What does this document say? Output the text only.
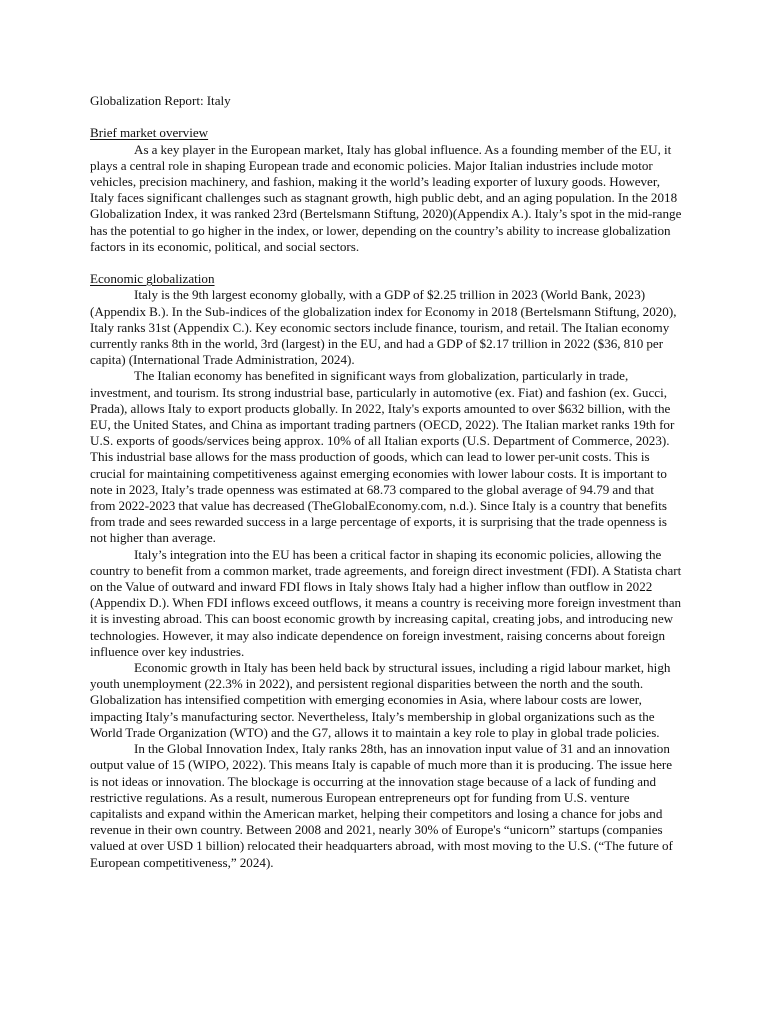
Globalization Report: Italy
Brief market overview

As a key player in the European market, Italy has global influence. As a founding member of the EU, it plays a central role in shaping European trade and economic policies. Major Italian industries include motor vehicles, precision machinery, and fashion, making it the world’s leading exporter of luxury goods. However, Italy faces significant challenges such as stagnant growth, high public debt, and an aging population. In the 2018 Globalization Index, it was ranked 23rd (Bertelsmann Stiftung, 2020)(Appendix A.). Italy’s spot in the mid-range has the potential to go higher in the index, or lower, depending on the country’s ability to increase globalization factors in its economic, political, and social sectors.

Economic globalization

Italy is the 9th largest economy globally, with a GDP of $2.25 trillion in 2023 (World Bank, 2023)(Appendix B.). In the Sub-indices of the globalization index for Economy in 2018 (Bertelsmann Stiftung, 2020), Italy ranks 31st (Appendix C.). Key economic sectors include finance, tourism, and retail. The Italian economy currently ranks 8th in the world, 3rd (largest) in the EU, and had a GDP of $2.17 trillion in 2022 ($36, 810 per capita) (International Trade Administration, 2024).

The Italian economy has benefited in significant ways from globalization, particularly in trade, investment, and tourism. Its strong industrial base, particularly in automotive (ex. Fiat) and fashion (ex. Gucci, Prada), allows Italy to export products globally. In 2022, Italy's exports amounted to over $632 billion, with the EU, the United States, and China as important trading partners (OECD, 2022). The Italian market ranks 19th for U.S. exports of goods/services being approx. 10% of all Italian exports (U.S. Department of Commerce, 2023). This industrial base allows for the mass production of goods, which can lead to lower per-unit costs. This is crucial for maintaining competitiveness against emerging economies with lower labour costs. It is important to note in 2023, Italy’s trade openness was estimated at 68.73 compared to the global average of 94.79 and that from 2022-2023 that value has decreased (TheGlobalEconomy.com, n.d.). Since Italy is a country that benefits from trade and sees rewarded success in a large percentage of exports, it is surprising that the trade openness is not higher than average.

Italy’s integration into the EU has been a critical factor in shaping its economic policies, allowing the country to benefit from a common market, trade agreements, and foreign direct investment (FDI). A Statista chart on the Value of outward and inward FDI flows in Italy shows Italy had a higher inflow than outflow in 2022 (Appendix D.). When FDI inflows exceed outflows, it means a country is receiving more foreign investment than it is investing abroad. This can boost economic growth by increasing capital, creating jobs, and introducing new technologies. However, it may also indicate dependence on foreign investment, raising concerns about foreign influence over key industries.

Economic growth in Italy has been held back by structural issues, including a rigid labour market, high youth unemployment (22.3% in 2022), and persistent regional disparities between the north and the south. Globalization has intensified competition with emerging economies in Asia, where labour costs are lower, impacting Italy’s manufacturing sector. Nevertheless, Italy’s membership in global organizations such as the World Trade Organization (WTO) and the G7, allows it to maintain a key role to play in global trade policies.

In the Global Innovation Index, Italy ranks 28th, has an innovation input value of 31 and an innovation output value of 15 (WIPO, 2022). This means Italy is capable of much more than it is producing. The issue here is not ideas or innovation. The blockage is occurring at the innovation stage because of a lack of funding and restrictive regulations. As a result, numerous European entrepreneurs opt for funding from U.S. venture capitalists and expand within the American market, helping their competitors and losing a chance for jobs and revenue in their own country. Between 2008 and 2021, nearly 30% of Europe's “unicorn” startups (companies valued at over USD 1 billion) relocated their headquarters abroad, with most moving to the U.S. (“The future of European competitiveness,” 2024).
